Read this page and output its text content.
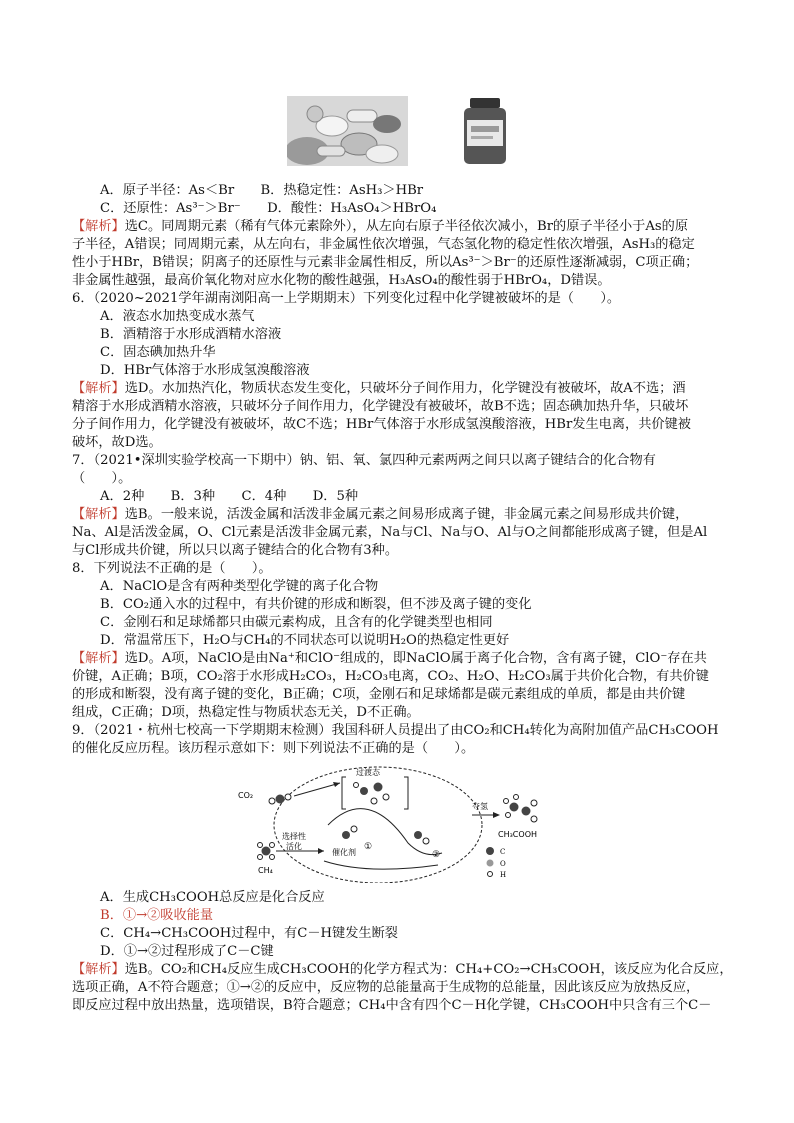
A．原子半径：As＜Br　　B．热稳定性：AsH₃＞HBr
C．还原性：As³⁻＞Br⁻　　D．酸性：H₃AsO₄＞HBrO₄
【解析】选C。同周期元素（稀有气体元素除外），从左向右原子半径依次减小，Br的原子半径小于As的原
子半径，A错误；同周期元素，从左向右，非金属性依次增强，气态氢化物的稳定性依次增强，AsH₃的稳定
性小于HBr，B错误；阴离子的还原性与元素非金属性相反，所以As³⁻＞Br⁻的还原性逐渐减弱，C项正确；
非金属性越强，最高价氧化物对应水化物的酸性越强，H₃AsO₄的酸性弱于HBrO₄，D错误。
6．（2020~2021学年湖南浏阳高一上学期期末）下列变化过程中化学键被破坏的是（　　）。
A．液态水加热变成水蒸气
B．酒精溶于水形成酒精水溶液
C．固态碘加热升华
D．HBr气体溶于水形成氢溴酸溶液
【解析】选D。水加热汽化，物质状态发生变化，只破坏分子间作用力，化学键没有被破坏，故A不选；酒
精溶于水形成酒精水溶液，只破坏分子间作用力，化学键没有被破坏，故B不选；固态碘加热升华，只破坏
分子间作用力，化学键没有被破坏，故C不选；HBr气体溶于水形成氢溴酸溶液，HBr发生电离，共价键被
破坏，故D选。
7．（2021•深圳实验学校高一下期中）钠、铝、氧、氯四种元素两两之间只以离子键结合的化合物有
（　　）。
A．2种　　B．3种　　C．4种　　D．5种
【解析】选B。一般来说，活泼金属和活泼非金属元素之间易形成离子键，非金属元素之间易形成共价键，
Na、Al是活泼金属，O、Cl元素是活泼非金属元素，Na与Cl、Na与O、Al与O之间都能形成离子键，但是Al
与Cl形成共价键，所以只以离子键结合的化合物有3种。
8．下列说法不正确的是（　　）。
A．NaClO是含有两种类型化学键的离子化合物
B．CO₂通入水的过程中，有共价键的形成和断裂，但不涉及离子键的变化
C．金刚石和足球烯都只由碳元素构成，且含有的化学键类型也相同
D．常温常压下，H₂O与CH₄的不同状态可以说明H₂O的热稳定性更好
【解析】选D。A项，NaClO是由Na⁺和ClO⁻组成的，即NaClO属于离子化合物，含有离子键，ClO⁻存在共
价键，A正确；B项，CO₂溶于水形成H₂CO₃，H₂CO₃电离，CO₂、H₂O、H₂CO₃属于共价化合物，有共价键
的形成和断裂，没有离子键的变化，B正确；C项，金刚石和足球烯都是碳元素组成的单质，都是由共价键
组成，C正确；D项，热稳定性与物质状态无关，D不正确。
9．（2021・杭州七校高一下学期期末检测）我国科研人员提出了由CO₂和CH₄转化为高附加值产品CH₃COOH
的催化反应历程。该历程示意如下：则下列说法不正确的是（　　）。
CO₂
CH₄
选择性
活化
过渡态
催化剂
①
②
夺氢
CH₃COOH
C
O
H
A．生成CH₃COOH总反应是化合反应
B．①→②吸收能量
C．CH₄→CH₃COOH过程中，有C－H键发生断裂
D．①→②过程形成了C－C键
【解析】选B。CO₂和CH₄反应生成CH₃COOH的化学方程式为：CH₄+CO₂→CH₃COOH，该反应为化合反应，
选项正确，A不符合题意；①→②的反应中，反应物的总能量高于生成物的总能量，因此该反应为放热反应，
即反应过程中放出热量，选项错误，B符合题意；CH₄中含有四个C－H化学键，CH₃COOH中只含有三个C－
